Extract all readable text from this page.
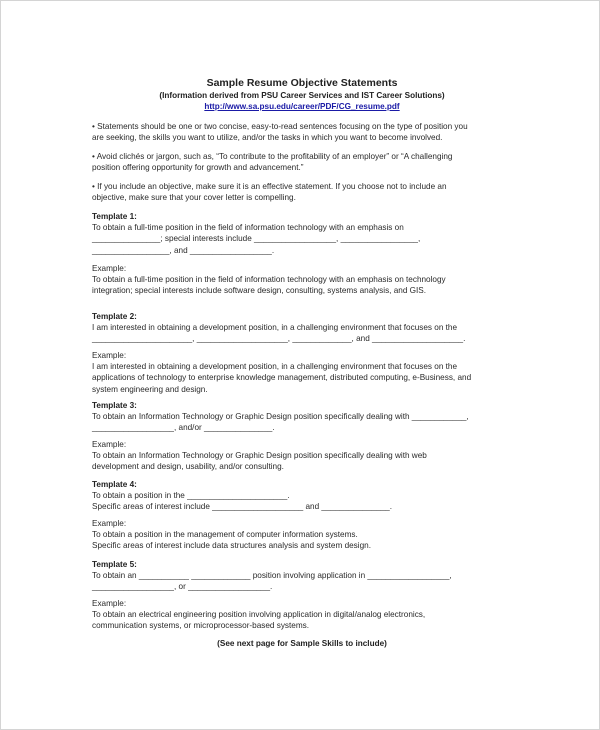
Sample Resume Objective Statements
(Information derived from PSU Career Services and IST Career Solutions)
http://www.sa.psu.edu/career/PDF/CG_resume.pdf
• Statements should be one or two concise, easy-to-read sentences focusing on the type of position you
are seeking, the skills you want to utilize, and/or the tasks in which you want to become involved.
• Avoid clichés or jargon, such as, “To contribute to the profitability of an employer” or “A challenging
position offering opportunity for growth and advancement.”
• If you include an objective, make sure it is an effective statement. If you choose not to include an
objective, make sure that your cover letter is compelling.
Template 1:
To obtain a full-time position in the field of information technology with an emphasis on
_______________; special interests include __________________, _________________,
_________________, and __________________.
Example:
To obtain a full-time position in the field of information technology with an emphasis on technology
integration; special interests include software design, consulting, systems analysis, and GIS.
Template 2:
I am interested in obtaining a development position, in a challenging environment that focuses on the
______________________, ____________________, _____________, and ____________________.
Example:
I am interested in obtaining a development position, in a challenging environment that focuses on the
applications of technology to enterprise knowledge management, distributed computing, e-Business, and
system engineering and design.
Template 3:
To obtain an Information Technology or Graphic Design position specifically dealing with ____________,
__________________, and/or _______________.
Example:
To obtain an Information Technology or Graphic Design position specifically dealing with web
development and design, usability, and/or consulting.
Template 4:
To obtain a position in the ______________________.
Specific areas of interest include ____________________ and _______________.
Example:
To obtain a position in the management of computer information systems.
Specific areas of interest include data structures analysis and system design.
Template 5:
To obtain an ___________ _____________ position involving application in __________________,
__________________, or __________________.
Example:
To obtain an electrical engineering position involving application in digital/analog electronics,
communication systems, or microprocessor-based systems.
(See next page for Sample Skills to include)
